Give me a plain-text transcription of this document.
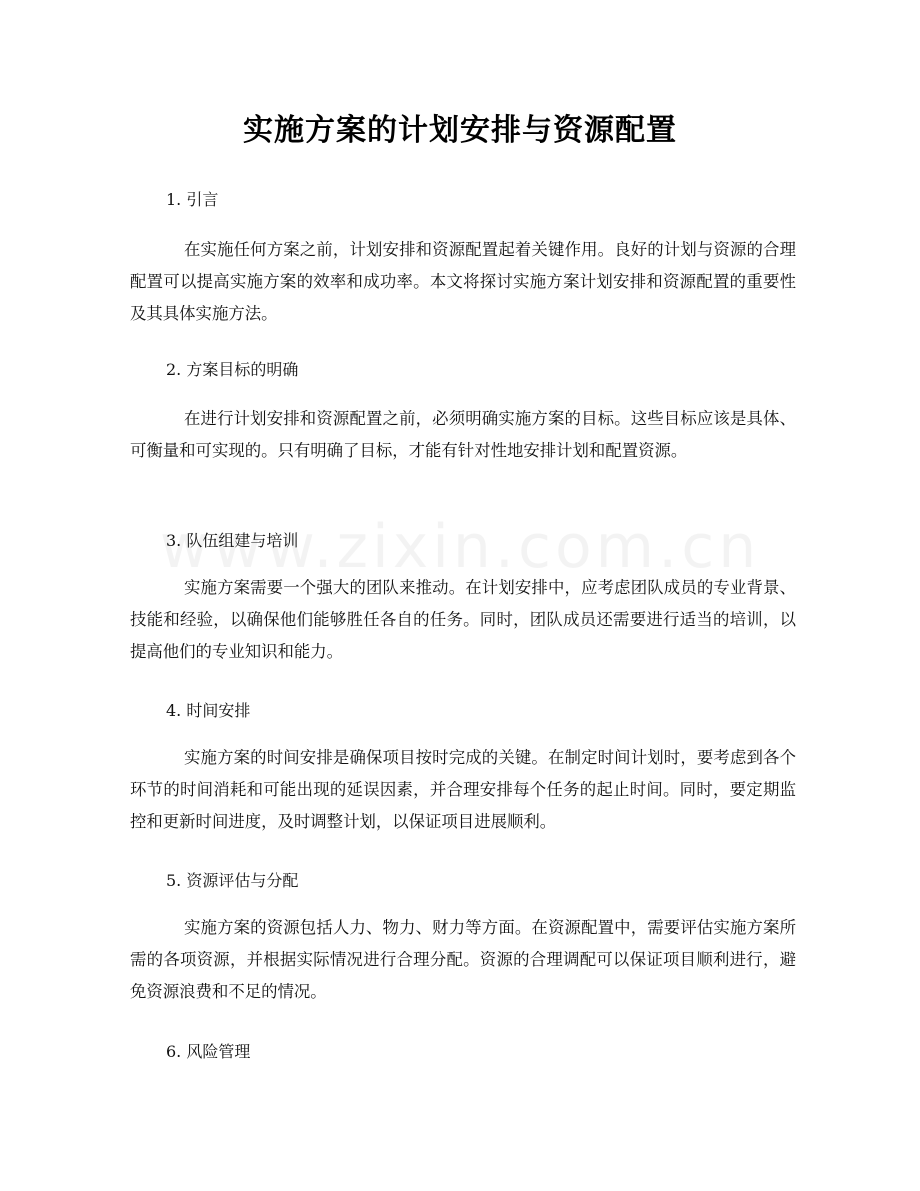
实施方案的计划安排与资源配置

1. 引言

在实施任何方案之前，计划安排和资源配置起着关键作用。良好的计划与资源的合理配置可以提高实施方案的效率和成功率。本文将探讨实施方案计划安排和资源配置的重要性及其具体实施方法。

2. 方案目标的明确

在进行计划安排和资源配置之前，必须明确实施方案的目标。这些目标应该是具体、可衡量和可实现的。只有明确了目标，才能有针对性地安排计划和配置资源。

3. 队伍组建与培训

实施方案需要一个强大的团队来推动。在计划安排中，应考虑团队成员的专业背景、技能和经验，以确保他们能够胜任各自的任务。同时，团队成员还需要进行适当的培训，以提高他们的专业知识和能力。

4. 时间安排

实施方案的时间安排是确保项目按时完成的关键。在制定时间计划时，要考虑到各个环节的时间消耗和可能出现的延误因素，并合理安排每个任务的起止时间。同时，要定期监控和更新时间进度，及时调整计划，以保证项目进展顺利。

5. 资源评估与分配

实施方案的资源包括人力、物力、财力等方面。在资源配置中，需要评估实施方案所需的各项资源，并根据实际情况进行合理分配。资源的合理调配可以保证项目顺利进行，避免资源浪费和不足的情况。

6. 风险管理
